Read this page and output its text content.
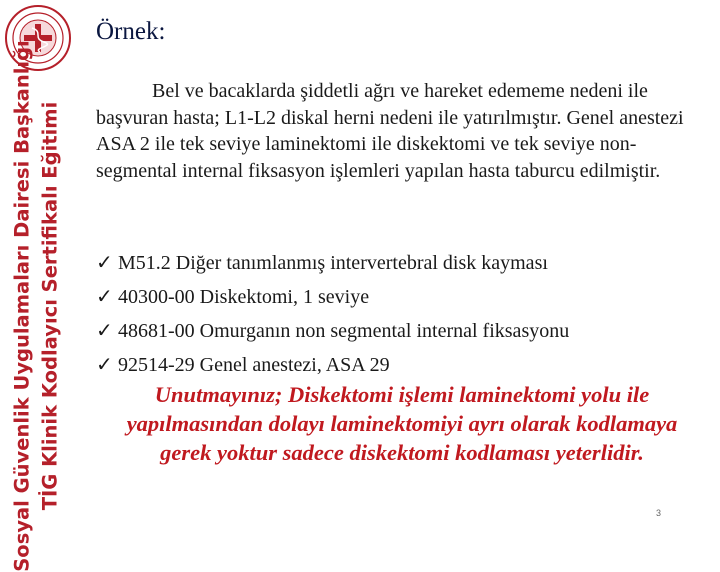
Sosyal Güvenlik Uygulamaları Dairesi Başkanlığı TİG Klinik Kodlayıcı Sertifikalı Eğitimi
Örnek:
Bel ve bacaklarda şiddetli ağrı ve hareket edememe nedeni ile başvuran hasta; L1-L2 diskal herni nedeni ile yatırılmıştır. Genel anestezi ASA 2 ile tek seviye laminektomi ile diskektomi ve tek seviye non-segmental internal fiksasyon işlemleri yapılan hasta taburcu edilmiştir.
✓ M51.2 Diğer tanımlanmış intervertebral disk kayması
✓ 40300-00 Diskektomi, 1 seviye
✓ 48681-00 Omurganın non segmental internal fiksasyonu
✓ 92514-29 Genel anestezi, ASA 29
Unutmayınız; Diskektomi işlemi laminektomi yolu ile yapılmasından dolayı laminektomiyi ayrı olarak kodlamaya gerek yoktur sadece diskektomi kodlaması yeterlidir.
3
